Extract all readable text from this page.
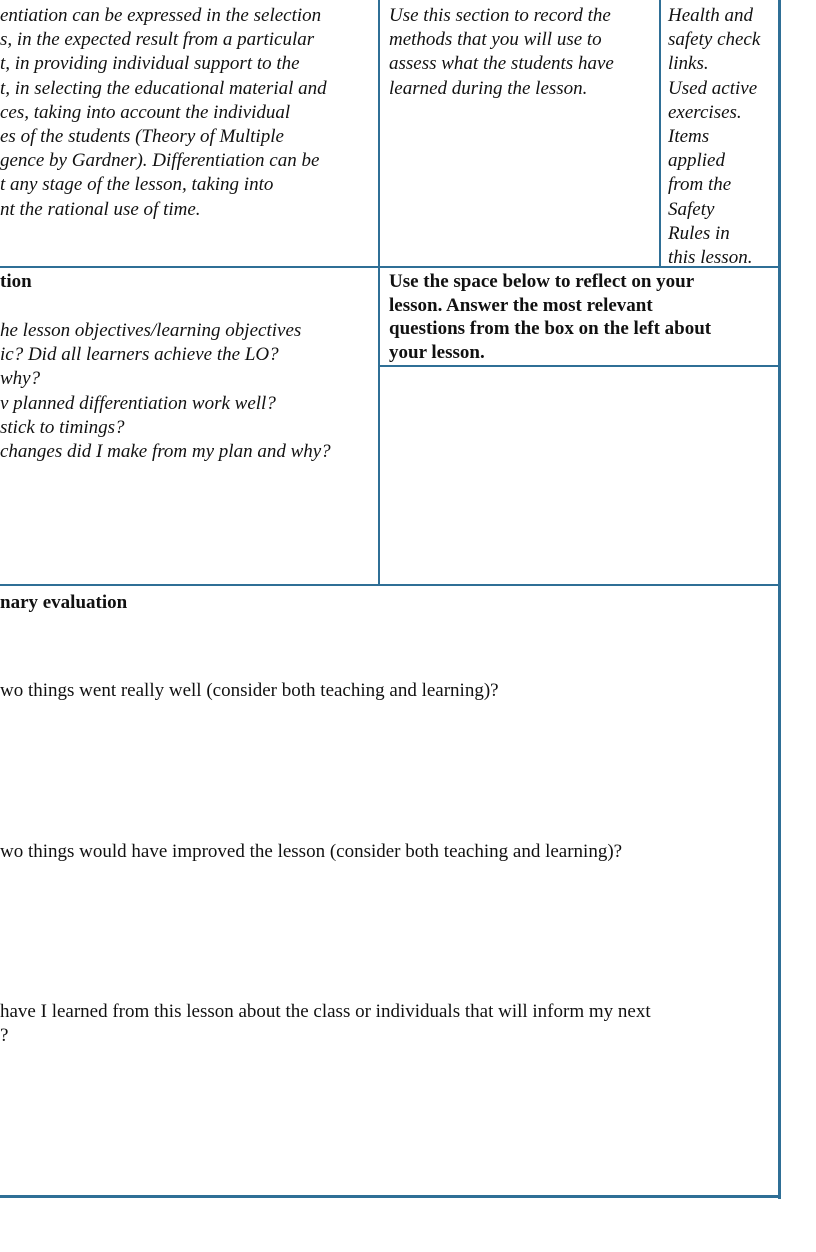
entiation can be expressed in the selection

s, in the expected result from a particular

t, in providing individual support to the

t, in selecting the educational material and

ces, taking into account the individual

es of the students (Theory of Multiple

gence by Gardner). Differentiation can be

t any stage of the lesson, taking into

nt the rational use of time.

Use this section to record the

methods that you will use to

assess what the students have

learned during the lesson.

Health and

safety check

links.

Used active

exercises.

Items

applied

from the

Safety

Rules in

this lesson.

tion

he lesson objectives/learning objectives

ic? Did all learners achieve the LO?

why?

v planned differentiation work well?

stick to timings?

changes did I make from my plan and why?

Use the space below to reflect on your

lesson. Answer the most relevant

questions from the box on the left about

your lesson.

nary evaluation
wo things went really well (consider both teaching and learning)?
wo things would have improved the lesson (consider both teaching and learning)?
have I learned from this lesson about the class or individuals that will inform my next
?
